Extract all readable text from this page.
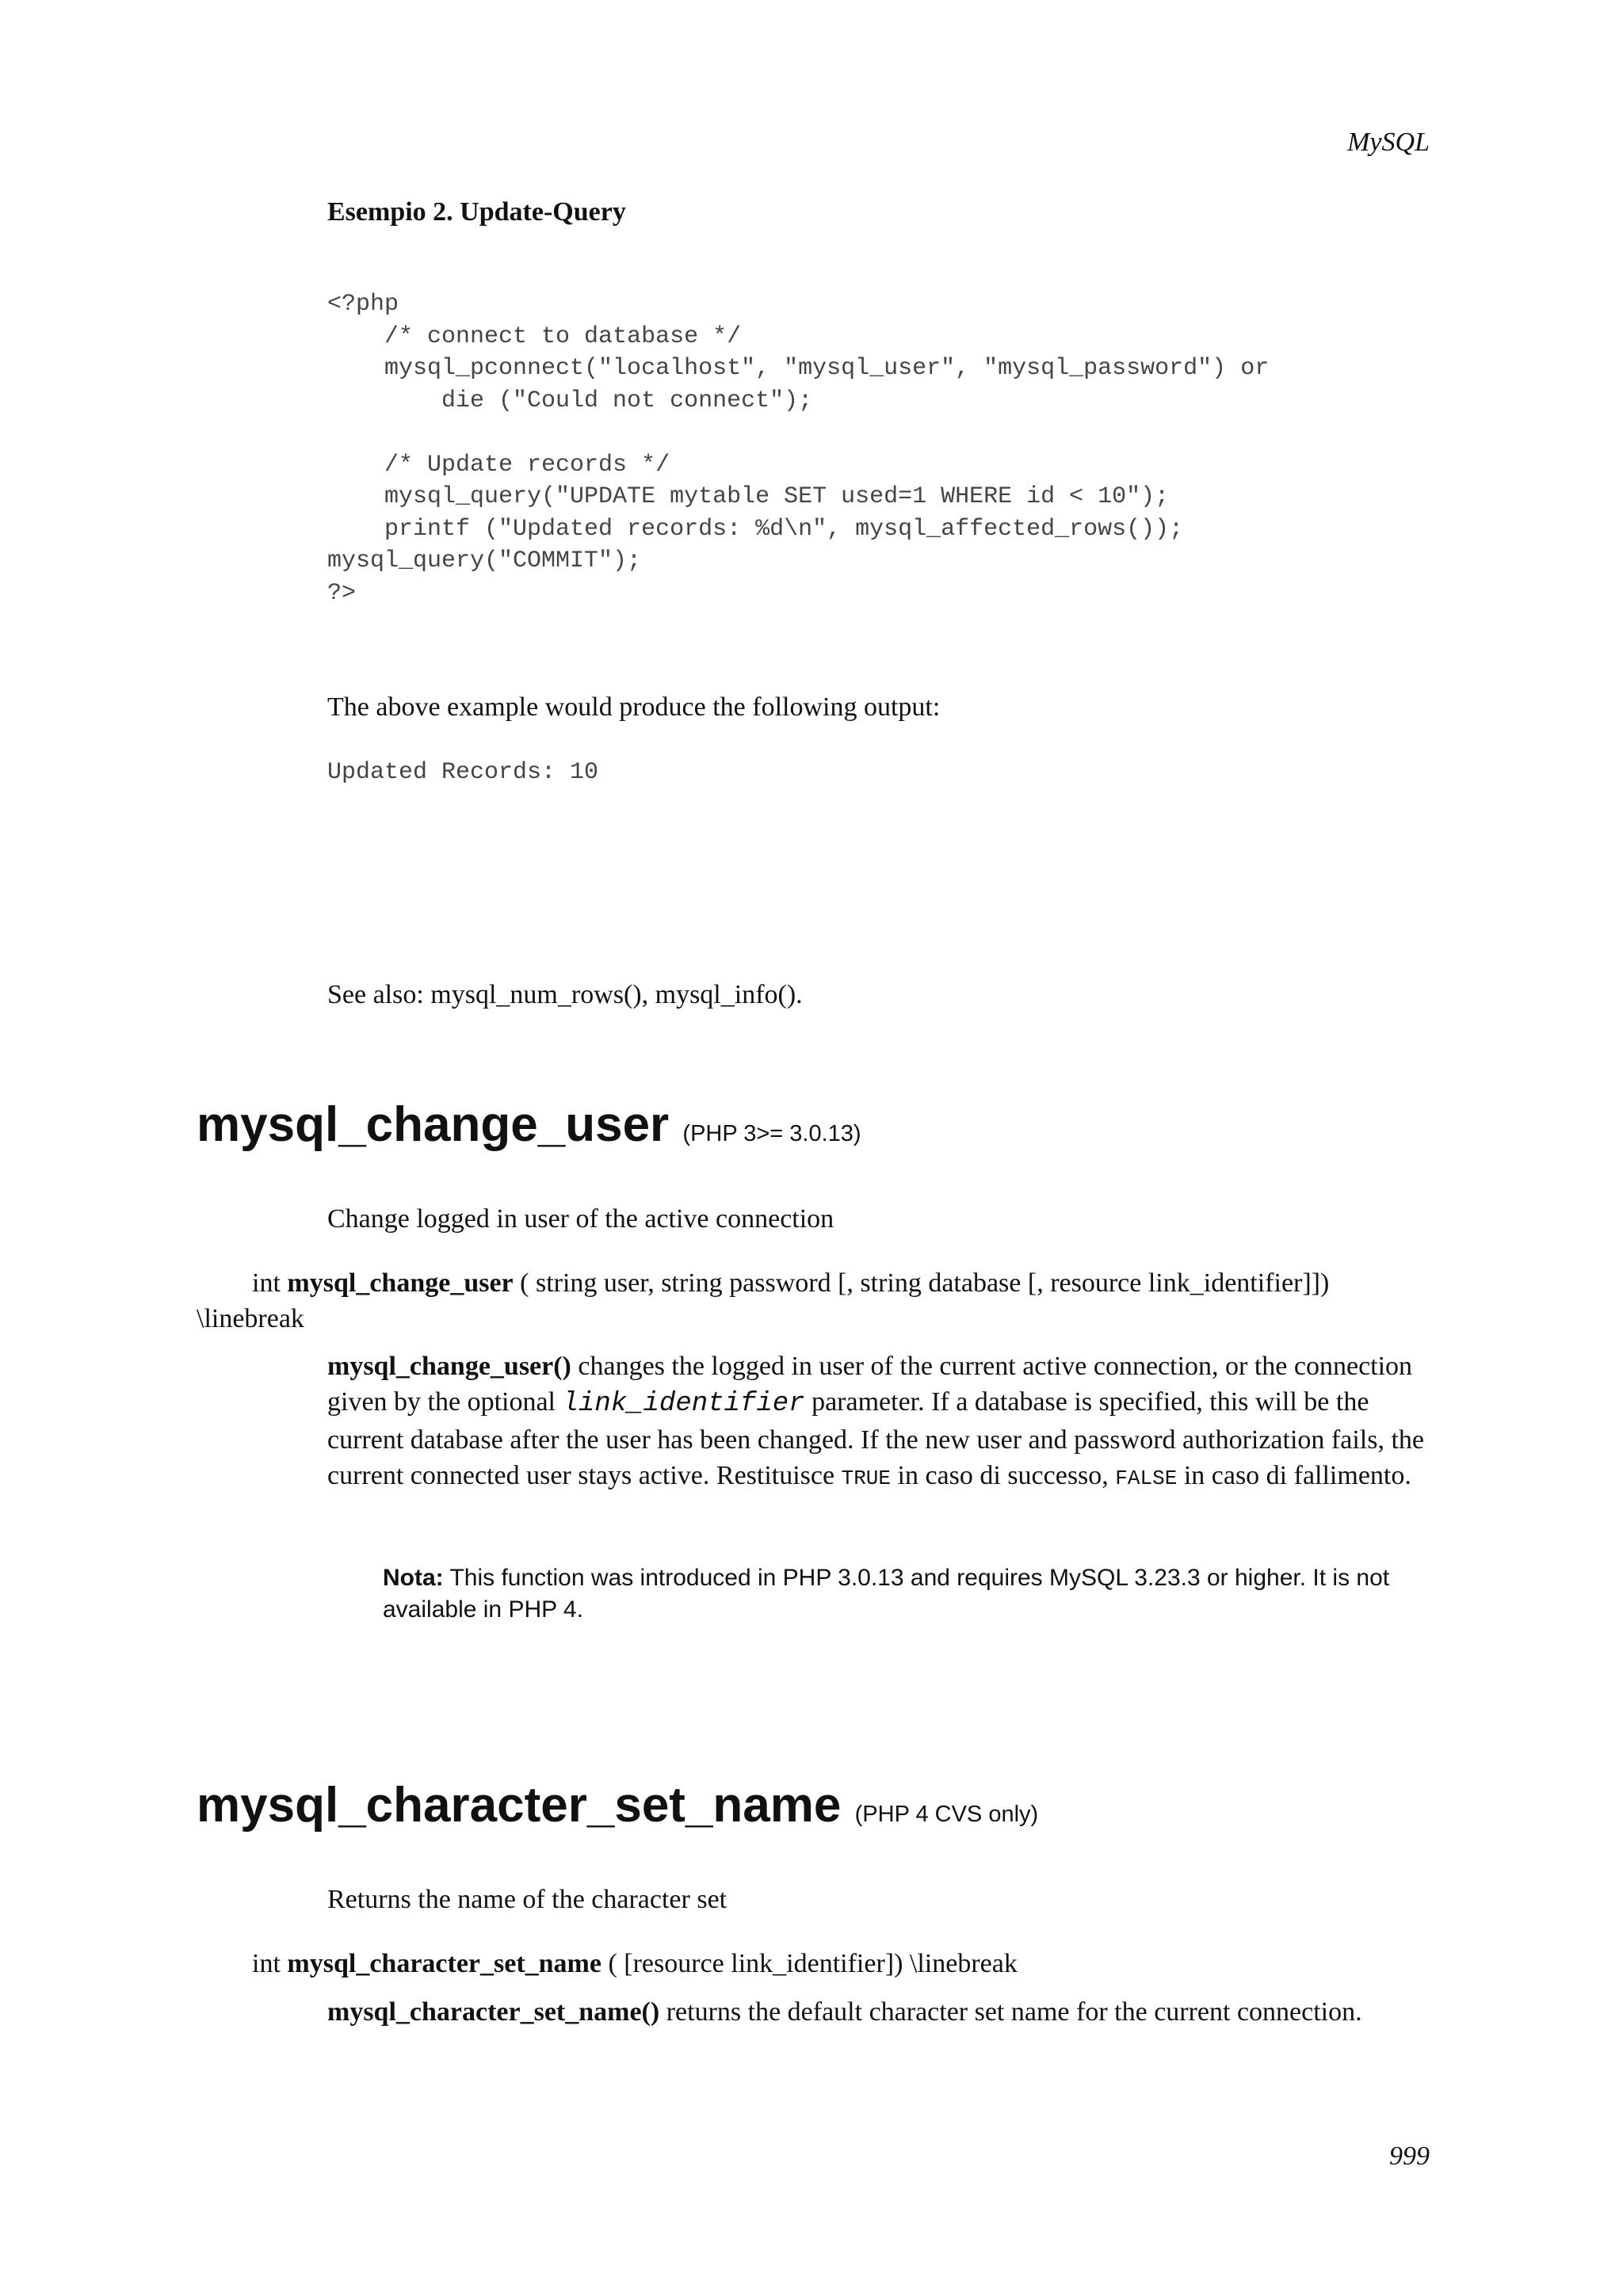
MySQL
Esempio 2. Update-Query
<?php
/* connect to database */
mysql_pconnect("localhost", "mysql_user", "mysql_password") or
die ("Could not connect");

/* Update records */
mysql_query("UPDATE mytable SET used=1 WHERE id < 10");
printf ("Updated records: %d\n", mysql_affected_rows());
mysql_query("COMMIT");
?>
The above example would produce the following output:
Updated Records: 10
See also: mysql_num_rows(), mysql_info().
mysql_change_user (PHP 3>= 3.0.13)
Change logged in user of the active connection
int mysql_change_user ( string user, string password [, string database [, resource link_identifier]]) \linebreak
mysql_change_user() changes the logged in user of the current active connection, or the connection given by the optional link_identifier parameter. If a database is specified, this will be the current database after the user has been changed. If the new user and password authorization fails, the current connected user stays active. Restituisce TRUE in caso di successo, FALSE in caso di fallimento.
Nota: This function was introduced in PHP 3.0.13 and requires MySQL 3.23.3 or higher. It is not available in PHP 4.
mysql_character_set_name (PHP 4 CVS only)
Returns the name of the character set
int mysql_character_set_name ( [resource link_identifier]) \linebreak
mysql_character_set_name() returns the default character set name for the current connection.
999
